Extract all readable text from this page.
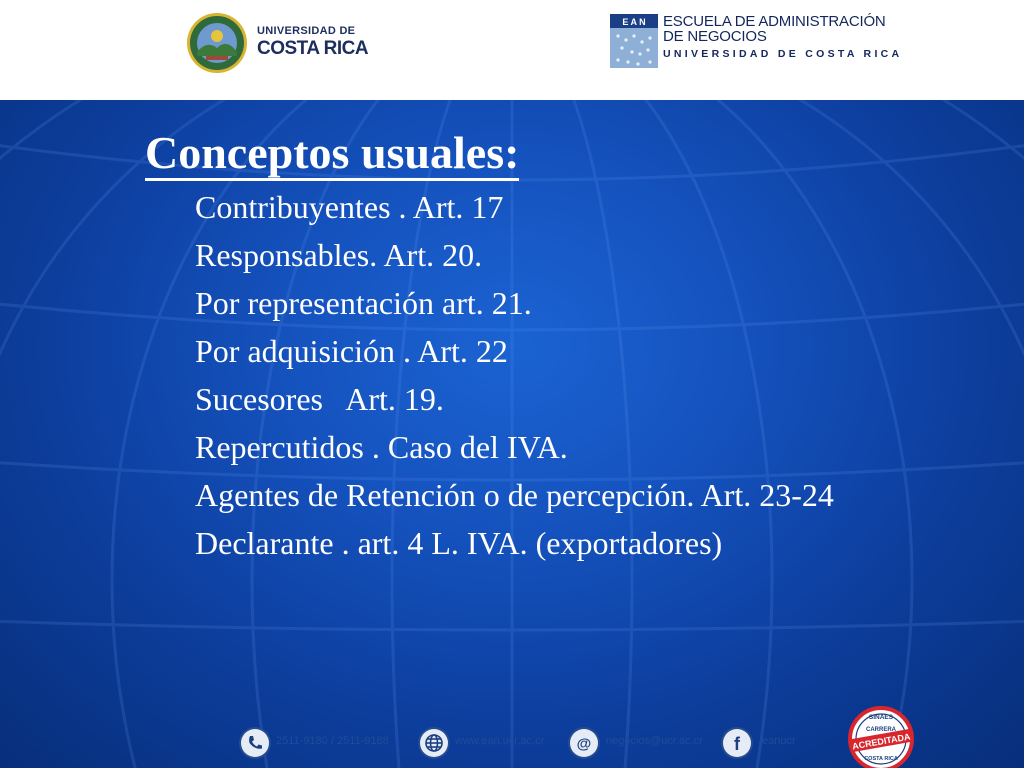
UNIVERSIDAD DE
COSTA RICA
E A N ESCUELA DE ADMINISTRACIÓN
DE NEGOCIOS
UNIVERSIDAD DE COSTA RICA
Conceptos usuales:
Contribuyentes . Art. 17
Responsables. Art. 20.
Por representación art. 21.
Por adquisición . Art. 22
Sucesores   Art. 19.
Repercutidos . Caso del IVA.
Agentes de Retención o de percepción. Art. 23-24
Declarante . art. 4 L. IVA. (exportadores)
2511-9180 / 2511-9188	www.ean.ucr.ac.cr @ negocios@ucr.ac.cr f /eanucr
SINAES
CARRERA
ACREDITADA
COSTA RICA
